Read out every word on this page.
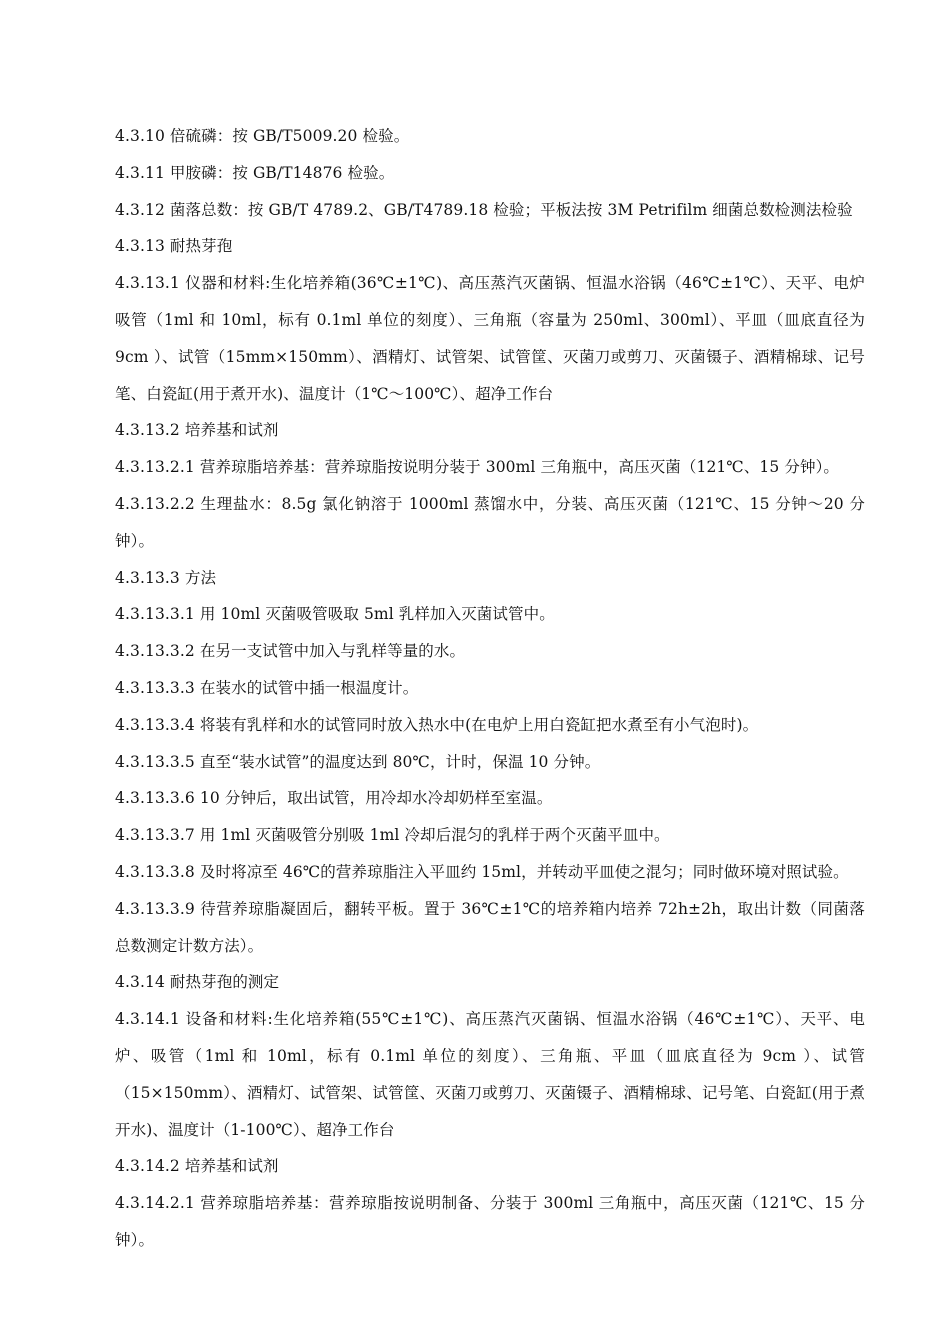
4.3.10 倍硫磷：按 GB/T5009.20 检验。

4.3.11 甲胺磷：按 GB/T14876 检验。

4.3.12 菌落总数：按 GB/T 4789.2、GB/T4789.18 检验；平板法按 3M Petrifilm 细菌总数检测法检验

4.3.13 耐热芽孢

4.3.13.1 仪器和材料:生化培养箱(36℃±1℃)、高压蒸汽灭菌锅、恒温水浴锅（46℃±1℃）、天平、电炉吸管（1ml 和 10ml，标有 0.1ml 单位的刻度）、三角瓶（容量为 250ml、300ml）、平皿（皿底直径为 9cm ）、试管（15mm×150mm）、酒精灯、试管架、试管筐、灭菌刀或剪刀、灭菌镊子、酒精棉球、记号笔、白瓷缸(用于煮开水)、温度计（1℃～100℃）、超净工作台

4.3.13.2 培养基和试剂

4.3.13.2.1 营养琼脂培养基：营养琼脂按说明分装于 300ml 三角瓶中，高压灭菌（121℃、15 分钟）。

4.3.13.2.2 生理盐水：8.5g 氯化钠溶于 1000ml 蒸馏水中，分装、高压灭菌（121℃、15 分钟～20 分钟）。

4.3.13.3 方法

4.3.13.3.1 用 10ml 灭菌吸管吸取 5ml 乳样加入灭菌试管中。

4.3.13.3.2 在另一支试管中加入与乳样等量的水。

4.3.13.3.3 在装水的试管中插一根温度计。

4.3.13.3.4 将装有乳样和水的试管同时放入热水中(在电炉上用白瓷缸把水煮至有小气泡时)。

4.3.13.3.5 直至“装水试管”的温度达到 80℃，计时，保温 10 分钟。

4.3.13.3.6 10 分钟后，取出试管，用冷却水冷却奶样至室温。

4.3.13.3.7 用 1ml 灭菌吸管分别吸 1ml 冷却后混匀的乳样于两个灭菌平皿中。

4.3.13.3.8 及时将凉至 46℃的营养琼脂注入平皿约 15ml，并转动平皿使之混匀；同时做环境对照试验。

4.3.13.3.9 待营养琼脂凝固后，翻转平板。置于 36℃±1℃的培养箱内培养 72h±2h，取出计数（同菌落总数测定计数方法）。

4.3.14 耐热芽孢的测定

4.3.14.1 设备和材料:生化培养箱(55℃±1℃)、高压蒸汽灭菌锅、恒温水浴锅（46℃±1℃）、天平、电炉、吸管（1ml 和 10ml，标有 0.1ml 单位的刻度）、三角瓶、平皿（皿底直径为 9cm ）、试管（15×150mm）、酒精灯、试管架、试管筐、灭菌刀或剪刀、灭菌镊子、酒精棉球、记号笔、白瓷缸(用于煮开水)、温度计（1-100℃）、超净工作台

4.3.14.2 培养基和试剂

4.3.14.2.1 营养琼脂培养基：营养琼脂按说明制备、分装于 300ml 三角瓶中，高压灭菌（121℃、15 分钟）。
